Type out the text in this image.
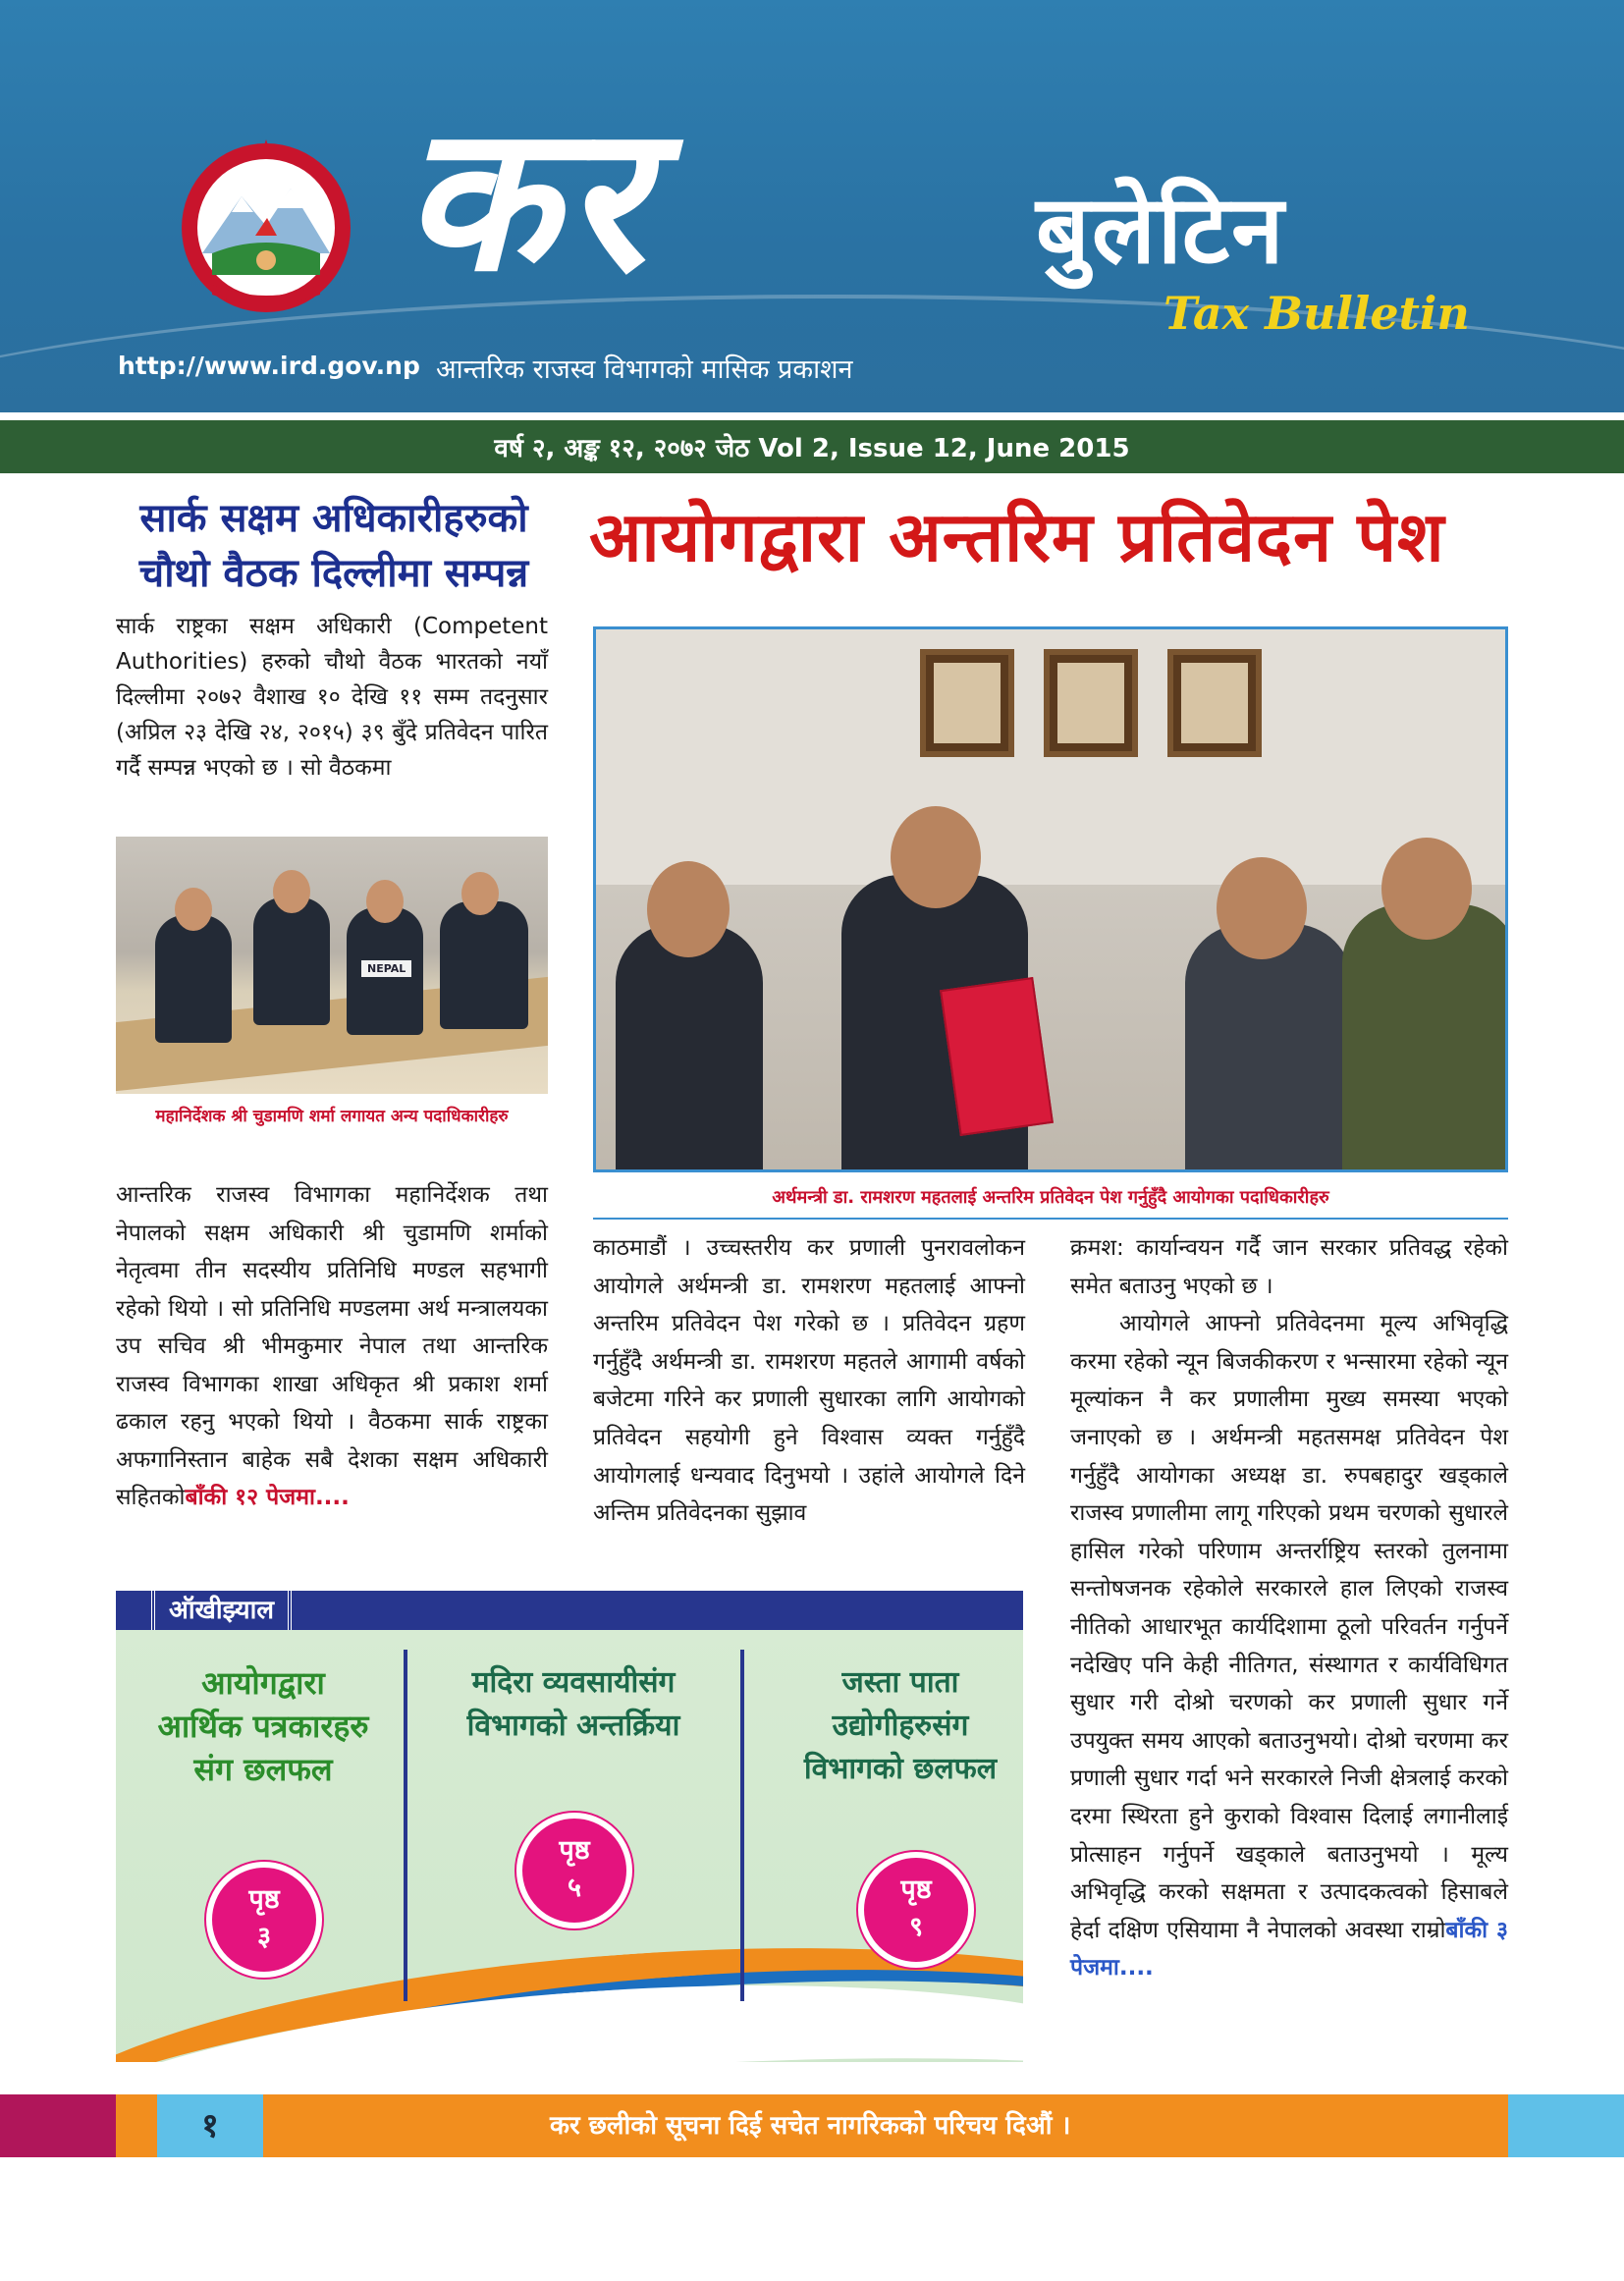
कर	बुलेटिन
Tax Bulletin
http://www.ird.gov.np आन्तरिक राजस्व विभागको मासिक प्रकाशन
वर्ष २, अङ्क १२, २०७२ जेठ Vol 2, Issue 12, June 2015
सार्क सक्षम अधिकारीहरुको
चौथो वैठक दिल्लीमा सम्पन्न

सार्क राष्ट्रका सक्षम अधिकारी (Competent Authorities) हरुको चौथो वैठक भारतको नयाँ दिल्लीमा २०७२ वैशाख १० देखि ११ सम्म तदनुसार (अप्रिल २३ देखि २४, २०१५) ३९ बुँदे प्रतिवेदन पारित गर्दै सम्पन्न भएको छ । सो वैठकमा

NEPAL
महानिर्देशक श्री चुडामणि शर्मा लगायत अन्य पदाधिकारीहरु

आन्तरिक राजस्व विभागका महानिर्देशक तथा नेपालको सक्षम अधिकारी श्री चुडामणि शर्माको नेतृत्वमा तीन सदस्यीय प्रतिनिधि मण्डल सहभागी रहेको थियो । सो प्रतिनिधि मण्डलमा अर्थ मन्त्रालयका उप सचिव श्री भीमकुमार नेपाल तथा आन्तरिक राजस्व विभागका शाखा अधिकृत श्री प्रकाश शर्मा ढकाल रहनु भएको थियो । वैठकमा सार्क राष्ट्रका अफगानिस्तान बाहेक सबै देशका सक्षम अधिकारी सहितकोबाँकी १२ पेजमा....

आयोगद्वारा अन्तरिम प्रतिवेदन पेश
अर्थमन्त्री डा. रामशरण महतलाई अन्तरिम प्रतिवेदन पेश गर्नुहुँदै आयोगका पदाधिकारीहरु

काठमाडौं । उच्चस्तरीय कर प्रणाली पुनरावलोकन आयोगले अर्थमन्त्री डा. रामशरण महतलाई आफ्नो अन्तरिम प्रतिवेदन पेश गरेको छ । प्रतिवेदन ग्रहण गर्नुहुँदै अर्थमन्त्री डा. रामशरण महतले आगामी वर्षको बजेटमा गरिने कर प्रणाली सुधारका लागि आयोगको प्रतिवेदन सहयोगी हुने विश्वास व्यक्त गर्नुहुँदै आयोगलाई धन्यवाद दिनुभयो । उहांले आयोगले दिने अन्तिम प्रतिवेदनका सुझाव

क्रमश: कार्यान्वयन गर्दै जान सरकार प्रतिवद्ध रहेको समेत बताउनु भएको छ ।

आयोगले आफ्नो प्रतिवेदनमा मूल्य अभिवृद्धि करमा रहेको न्यून बिजकीकरण र भन्सारमा रहेको न्यून मूल्यांकन नै कर प्रणालीमा मुख्य समस्या भएको जनाएको छ । अर्थमन्त्री महतसमक्ष प्रतिवेदन पेश गर्नुहुँदै आयोगका अध्यक्ष डा. रुपबहादुर खड्काले राजस्व प्रणालीमा लागू गरिएको प्रथम चरणको सुधारले हासिल गरेको परिणाम अन्तर्राष्ट्रिय स्तरको तुलनामा सन्तोषजनक रहेकोले सरकारले हाल लिएको राजस्व नीतिको आधारभूत कार्यदिशामा ठूलो परिवर्तन गर्नुपर्ने नदेखिए पनि केही नीतिगत, संस्थागत र कार्यविधिगत सुधार गरी दोश्रो चरणको कर प्रणाली सुधार गर्ने उपयुक्त समय आएको बताउनुभयो। दोश्रो चरणमा कर प्रणाली सुधार गर्दा भने सरकारले निजी क्षेत्रलाई करको दरमा स्थिरता हुने कुराको विश्वास दिलाई लगानीलाई प्रोत्साहन गर्नुपर्ने खड्काले बताउनुभयो । मूल्य अभिवृद्धि करको सक्षमता र उत्पादकत्वको हिसाबले हेर्दा दक्षिण एसियामा नै नेपालको अवस्था राम्रोबाँकी ३ पेजमा....

ऑखीझ्याल
आयोगद्वारा
आर्थिक पत्रकारहरु
संग छलफल
पृष्ठ
३
मदिरा व्यवसायीसंग
विभागको अन्तर्क्रिया
पृष्ठ
५
जस्ता पाता
उद्योगीहरुसंग
विभागको छलफल
पृष्ठ
९
१	कर छलीको सूचना दिई सचेत नागरिकको परिचय दिऔं ।
